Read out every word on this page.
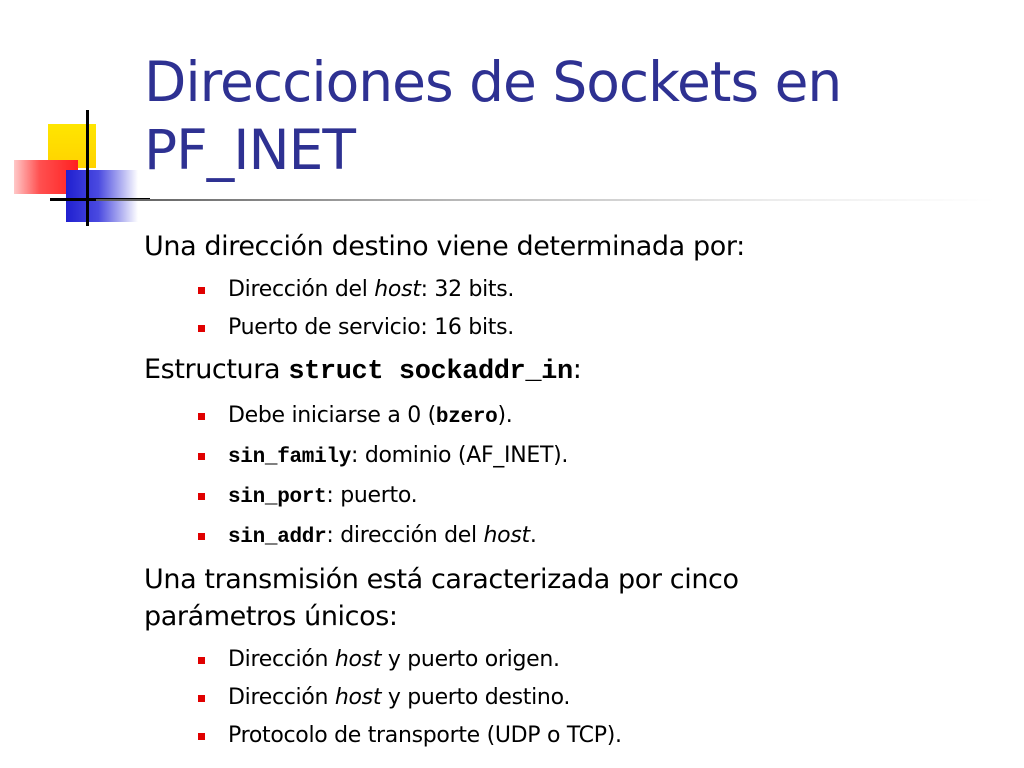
Direcciones de Sockets en
PF_INET

Una dirección destino viene determinada por:

Dirección del host: 32 bits.
Puerto de servicio: 16 bits.

Estructura struct sockaddr_in:

Debe iniciarse a 0 (bzero).
sin_family: dominio (AF_INET).
sin_port: puerto.
sin_addr: dirección del host.

Una transmisión está caracterizada por cinco
parámetros únicos:

Dirección host y puerto origen.
Dirección host y puerto destino.
Protocolo de transporte (UDP o TCP).
